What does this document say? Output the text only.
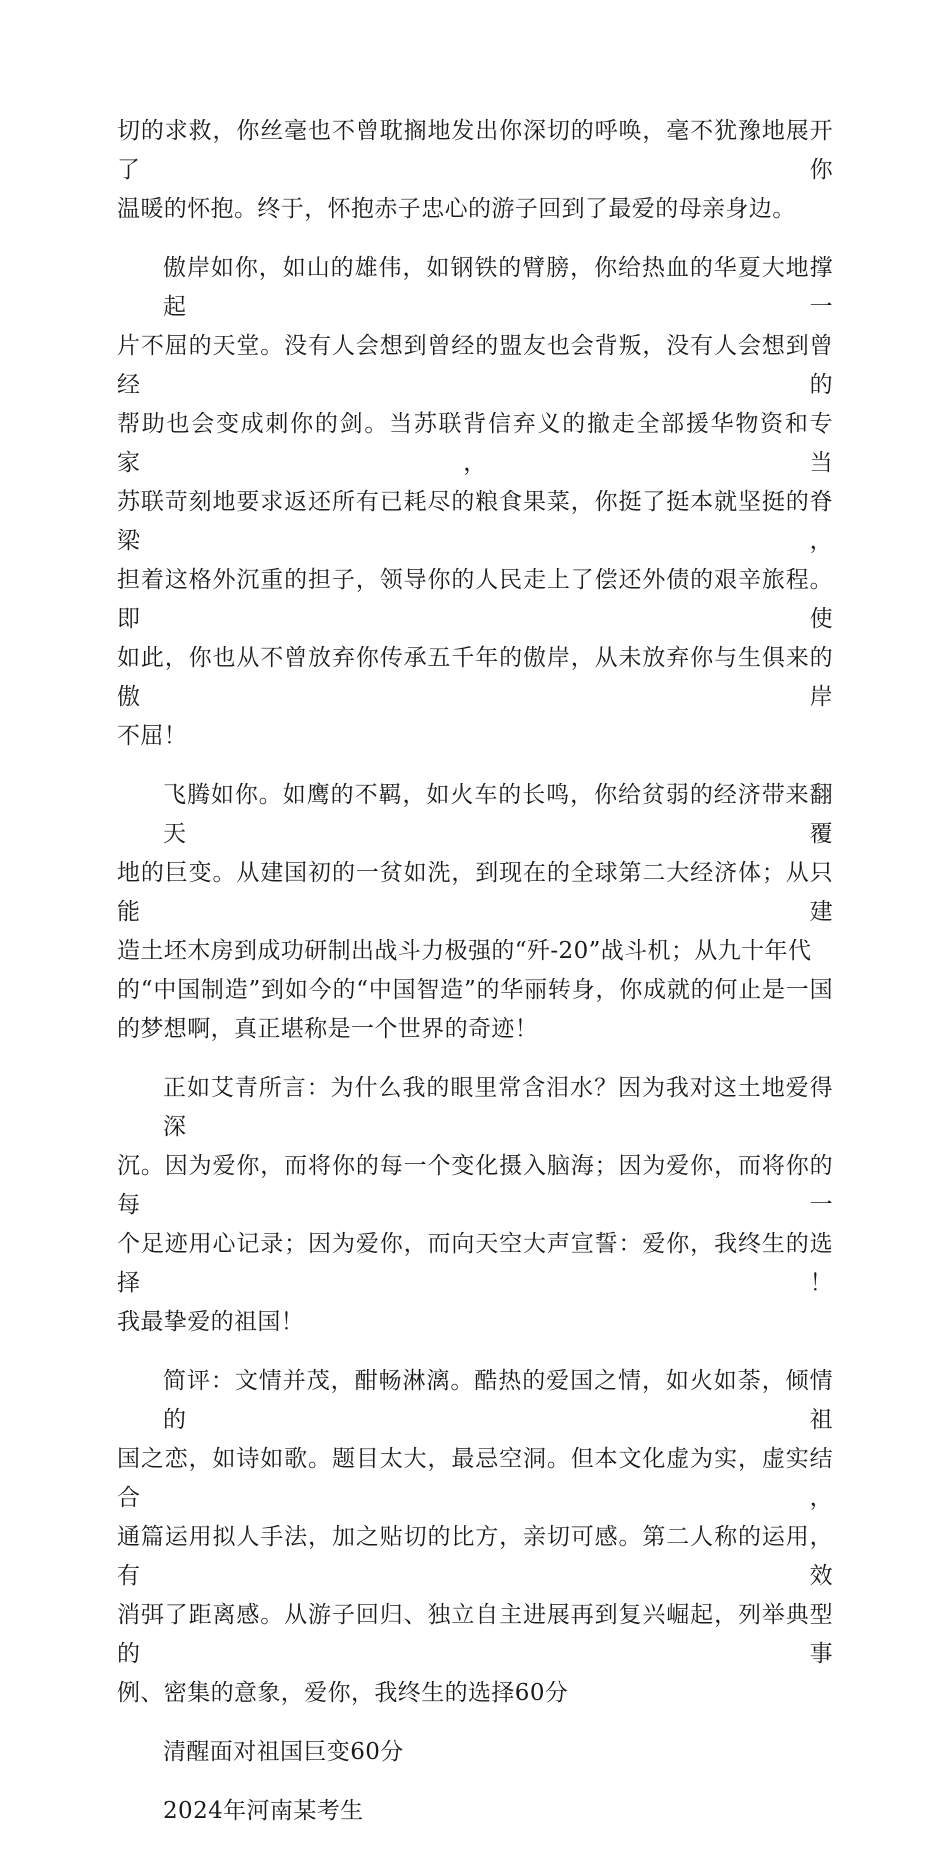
切的求救，你丝毫也不曾耽搁地发出你深切的呼唤，毫不犹豫地展开了你
温暖的怀抱。终于，怀抱赤子忠心的游子回到了最爱的母亲身边。
傲岸如你，如山的雄伟，如钢铁的臂膀，你给热血的华夏大地撑起一
片不屈的天堂。没有人会想到曾经的盟友也会背叛，没有人会想到曾经的
帮助也会变成刺你的剑。当苏联背信弃义的撤走全部援华物资和专家，当
苏联苛刻地要求返还所有已耗尽的粮食果菜，你挺了挺本就坚挺的脊梁，
担着这格外沉重的担子，领导你的人民走上了偿还外债的艰辛旅程。即使
如此，你也从不曾放弃你传承五千年的傲岸，从未放弃你与生俱来的傲岸
不屈！
飞腾如你。如鹰的不羁，如火车的长鸣，你给贫弱的经济带来翻天覆
地的巨变。从建国初的一贫如洗，到现在的全球第二大经济体；从只能建
造土坯木房到成功研制出战斗力极强的“歼-20”战斗机；从九十年代
的“中国制造”到如今的“中国智造”的华丽转身，你成就的何止是一国
的梦想啊，真正堪称是一个世界的奇迹！
正如艾青所言：为什么我的眼里常含泪水？因为我对这土地爱得深
沉。因为爱你，而将你的每一个变化摄入脑海；因为爱你，而将你的每一
个足迹用心记录；因为爱你，而向天空大声宣誓：爱你，我终生的选择！
我最挚爱的祖国！
简评：文情并茂，酣畅淋漓。酷热的爱国之情，如火如荼，倾情的祖
国之恋，如诗如歌。题目太大，最忌空洞。但本文化虚为实，虚实结合，
通篇运用拟人手法，加之贴切的比方，亲切可感。第二人称的运用，有效
消弭了距离感。从游子回归、独立自主进展再到复兴崛起，列举典型的事
例、密集的意象，爱你，我终生的选择60分
清醒面对祖国巨变60分
2024年河南某考生
